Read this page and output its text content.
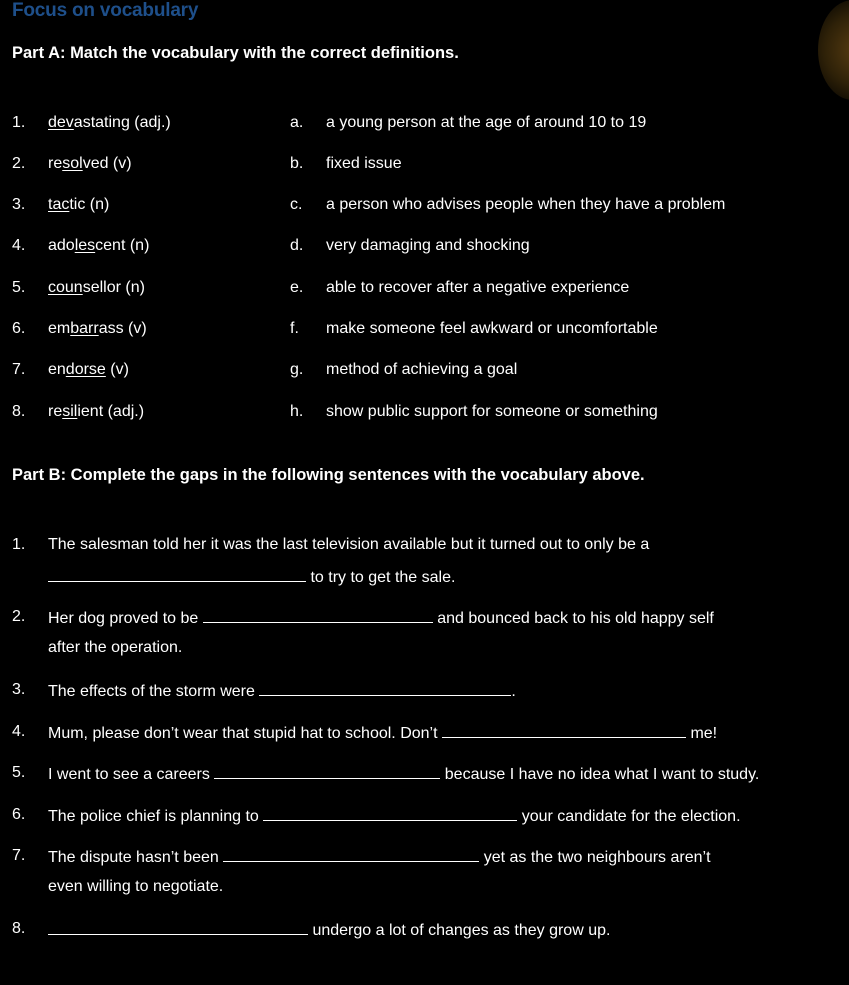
Focus on vocabulary
Part A: Match the vocabulary with the correct definitions.
1. devastating (adj.)	a. a young person at the age of around 10 to 19
2. resolved (v)	b. fixed issue
3. tactic (n)	c. a person who advises people when they have a problem
4. adolescent (n)	d. very damaging and shocking
5. counsellor (n)	e. able to recover after a negative experience
6. embarrass (v)	f. make someone feel awkward or uncomfortable
7. endorse (v)	g. method of achieving a goal
8. resilient (adj.)	h. show public support for someone or something
Part B: Complete the gaps in the following sentences with the vocabulary above.
1. The salesman told her it was the last television available but it turned out to only be a
to try to get the sale.
2. Her dog proved to be	and bounced back to his old happy self
after the operation.
3. The effects of the storm were	.
4. Mum, please don’t wear that stupid hat to school. Don’t	me!
5. I went to see a careers	because I have no idea what I want to study.
6. The police chief is planning to	your candidate for the election.
7. The dispute hasn’t been	yet as the two neighbours aren’t
even willing to negotiate.
8.	undergo a lot of changes as they grow up.
